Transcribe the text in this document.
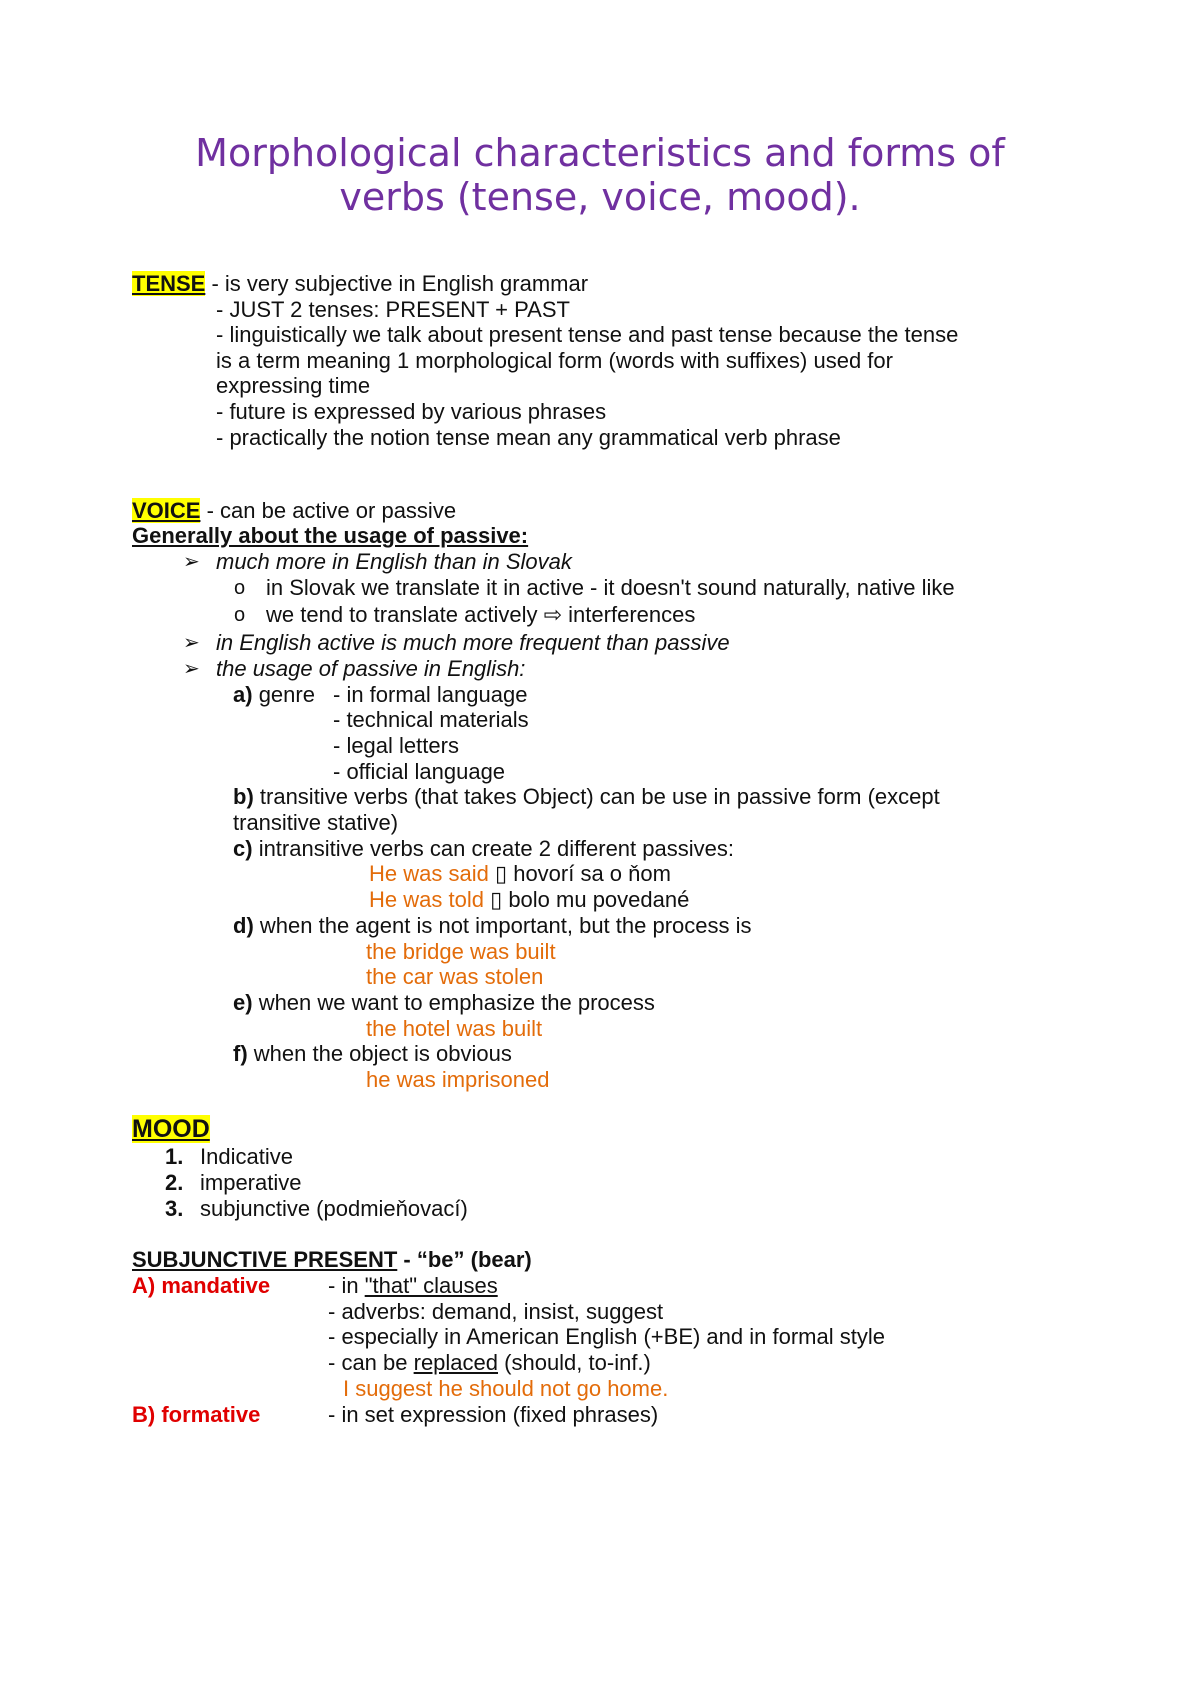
Morphological characteristics and forms of
verbs (tense, voice, mood).
TENSE - is very subjective in English grammar
- JUST 2 tenses: PRESENT + PAST
- linguistically we talk about present tense and past tense because the tense
is a term meaning 1 morphological form (words with suffixes) used for
expressing time
- future is expressed by various phrases
- practically the notion tense mean any grammatical verb phrase
VOICE - can be active or passive
Generally about the usage of passive:
➢ much more in English than in Slovak
o in Slovak we translate it in active - it doesn't sound naturally, native like
o we tend to translate actively ⇨ interferences
➢ in English active is much more frequent than passive
➢ the usage of passive in English:
a) genre - in formal language
- technical materials
- legal letters
- official language
b) transitive verbs (that takes Object) can be use in passive form (except
transitive stative)
c) intransitive verbs can create 2 different passives:
He was said ▯ hovorí sa o ňom
He was told ▯ bolo mu povedané
d) when the agent is not important, but the process is
the bridge was built
the car was stolen
e) when we want to emphasize the process
the hotel was built
f) when the object is obvious
he was imprisoned
MOOD
1. Indicative
2. imperative
3. subjunctive (podmieňovací)
SUBJUNCTIVE PRESENT - “be” (bear)
A) mandative	- in "that" clauses
- adverbs: demand, insist, suggest
- especially in American English (+BE) and in formal style
- can be replaced (should, to-inf.)
I suggest he should not go home.
B) formative	- in set expression (fixed phrases)
